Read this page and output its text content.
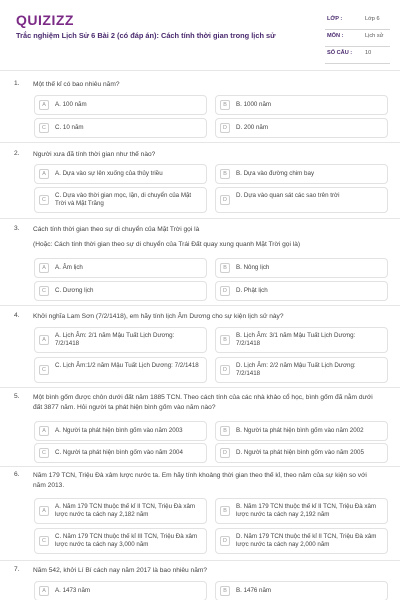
QUIZIZZ
Trắc nghiệm Lịch Sử 6 Bài 2 (có đáp án): Cách tính thời gian trong lịch sử
LỚP :	Lớp 6
MÔN :	Lịch sử
SỐ CÂU : 10
1. Một thế kỉ có bao nhiêu năm?
A	A. 100 năm	B	B. 1000 năm
C	C. 10 năm	D	D. 200 năm
2. Người xưa đã tính thời gian như thế nào?
A	A. Dựa vào sự lên xuống của thủy triều	B	B. Dựa vào đường chim bay
C
C. Dựa vào thời gian mọc, lặn, di chuyển của Mặt Trời và Mặt Trăng	D
D. Dựa vào quan sát các sao trên trời
3. Cách tính thời gian theo sự di chuyển của Mặt Trời gọi là
(Hoặc: Cách tính thời gian theo sự di chuyển của Trái Đất quay xung quanh Mặt Trời gọi là)
A	A. Âm lịch	B	B. Nông lịch
C	C. Dương lịch	D	D. Phật lịch
4. Khởi nghĩa Lam Sơn (7/2/1418), em hãy tính lịch Âm Dương cho sự kiện lịch sử này?
A
A. Lịch Âm: 2/1 năm Mậu Tuất Lịch Dương: 7/2/1418	B
B. Lịch Âm: 3/1 năm Mậu Tuất Lịch Dương: 7/2/1418
C
C. Lịch Âm:1/2 năm Mậu Tuất Lịch Dương: 7/2/1418
D
D. Lịch Âm: 2/2 năm Mậu Tuất Lịch Dương: 7/2/1418
5. Một bình gốm được chôn dưới đất năm 1885 TCN. Theo cách tính của các nhà khảo cổ học, bình gốm đã nằm dưới đất 3877 năm. Hỏi người ta phát hiện bình gốm vào năm nào?
A	A. Người ta phát hiện bình gốm vào năm 2003	B	B. Người ta phát hiện bình gốm vào năm 2002
C	C. Người ta phát hiện bình gốm vào năm 2004	D	D. Người ta phát hiện bình gốm vào năm 2005
6. Năm 179 TCN, Triệu Đà xâm lược nước ta. Em hãy tính khoảng thời gian theo thế kỉ, theo năm của sự kiện so với năm 2013.
A
A. Năm 179 TCN thuộc thế kỉ II TCN, Triệu Đà xâm lược nước ta cách nay 2,182 năm	B
B. Năm 179 TCN thuộc thế kỉ II TCN, Triệu Đà xâm lược nước ta cách nay 2,192 năm
C
C. Năm 179 TCN thuộc thế kỉ III TCN, Triệu Đà xâm lược nước ta cách nay 3,000 năm	D
D. Năm 179 TCN thuộc thế kỉ II TCN, Triệu Đà xâm lược nước ta cách nay 2,000 năm
7. Năm 542, khởi Lí Bí cách nay năm 2017 là bao nhiêu năm?
A	A. 1473 năm	B	B. 1476 năm
